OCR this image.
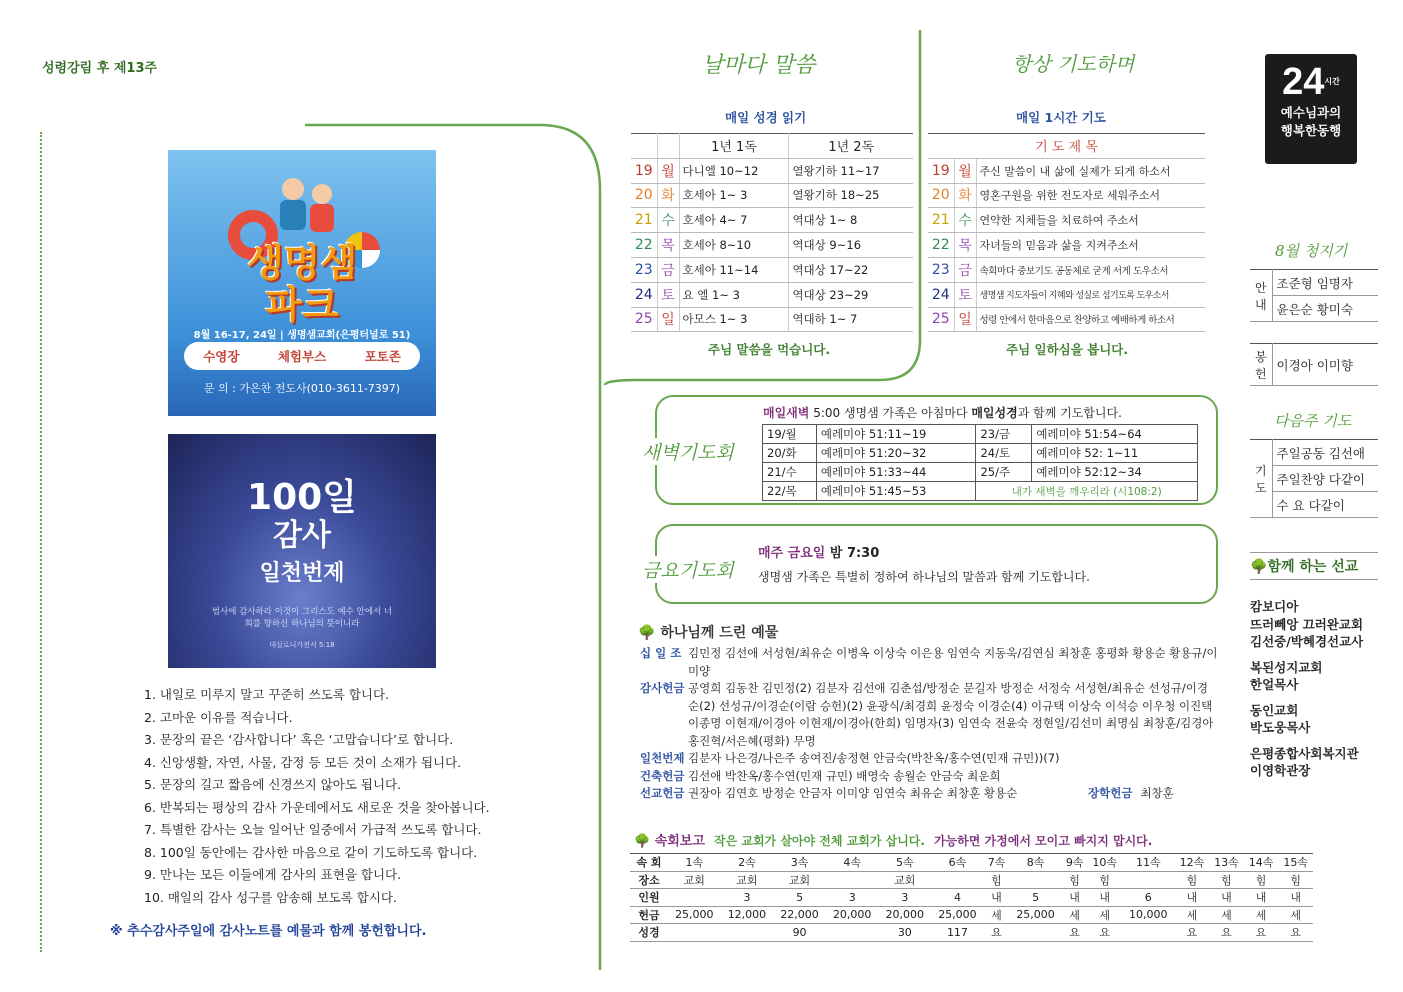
성령강림 후 제13주	$24^{시간}$
예수님과의
행복한동행
생명샘
파크
8월 16-17, 24일 | 생명샘교회(은평터널로 51)
수영장	체험부스	포토존
문 의 : 가은찬 전도사(010-3611-7397)
100일
감사
일천번제
범사에 감사하라 이것이 그리스도 예수 안에서 너희를 향하신 하나님의 뜻이니라
데살로니가전서 5:18
1. 내일로 미루지 말고 꾸준히 쓰도록 합니다.
2. 고마운 이유를 적습니다.
3. 문장의 끝은 ‘감사합니다’ 혹은 ‘고맙습니다’로 합니다.
4. 신앙생활, 자연, 사물, 감정 등 모든 것이 소재가 됩니다.
5. 문장의 길고 짧음에 신경쓰지 않아도 됩니다.
6. 반복되는 평상의 감사 가운데에서도 새로운 것을 찾아봅니다.
7. 특별한 감사는 오늘 일어난 일중에서 가급적 쓰도록 합니다.
8. 100일 동안에는 감사한 마음으로 같이 기도하도록 합니다.
9. 만나는 모든 이들에게 감사의 표현을 합니다.
10. 매일의 감사 성구를 암송해 보도록 합시다.
※ 추수감사주일에 감사노트를 예물과 함께 봉헌합니다.
날마다 말씀
매일 성경 읽기
		1년 1독	1년 2독
19	월	다니엘 10~12	열왕기하 11~17
20	화	호세아 1~ 3	열왕기하 18~25
21	수	호세아 4~ 7	역대상 1~ 8
22	목	호세아 8~10	역대상 9~16
23	금	호세아 11~14	역대상 17~22
24	토	요 엘 1~ 3	역대상 23~29
25	일	아모스 1~ 3	역대하 1~ 7
주님 말씀을 먹습니다.
항상 기도하며
매일 1시간 기도
기 도 제 목		
19	월	주신 말씀이 내 삶에 실제가 되게 하소서
20	화	영혼구원을 위한 전도자로 세워주소서
21	수	연약한 지체들을 치료하여 주소서
22	목	자녀들의 믿음과 삶을 지켜주소서
23	금	속회마다 중보기도 공동체로 굳게 서게 도우소서
24	토	생명샘 지도자들이 지혜와 성실로 섬기도록 도우소서
25	일	성령 안에서 한마음으로 찬양하고 예배하게 하소서
주님 일하심을 봅니다.
새벽기도회
매일새벽 5:00 생명샘 가족은 아침마다 매일성경과 함께 기도합니다.
19/월	예레미야 51:11~19	23/금	예레미야 51:54~64
20/화	예레미야 51:20~32	24/토	예레미야 52: 1~11
21/수	예레미야 51:33~44	25/주	예레미야 52:12~34
22/목	예레미야 51:45~53	내가 새벽을 깨우리라 (시108:2)	
금요기도회
매주 금요일 밤 7:30
생명샘 가족은 특별히 정하여 하나님의 말씀과 함께 기도합니다.
🌳 하나님께 드린 예물
십 일 조 김민정 김선애 서성현/최유순 이병옥 이상숙 이은용 임연숙 지동욱/김연심 최창훈 홍평화 황용순 황용규/이미양
감사헌금 공영희 김동찬 김민정(2) 김분자 김선애 김춘섭/방정순 문길자 방정순 서정숙 서성현/최유순 선성규/이경순(2) 선성규/이경순(이람 승헌)(2) 윤광식/최경희 윤정숙 이경순(4) 이규택 이상숙 이석승 이우청 이진택 이종명 이현재/이경아 이현재/이경아(한희) 임명자(3) 임연숙 전윤숙 정현일/김선미 최명심 최창훈/김경아 홍진혁/서은혜(평화) 무명
일천번제 김분자 나은경/나은주 송여진/송정현 안금숙(박찬옥/홍수연(민재 규민))(7)
건축헌금 김선애 박찬옥/홍수연(민재 규민) 배영숙 송월순 안금숙 최운희
선교헌금 권장아 김연호 방정순 안금자 이미양 임연숙 최유순 최창훈 황용순	장학헌금 최창훈
🌳 속회보고 작은 교회가 살아야 전체 교회가 삽니다. 가능하면 가정에서 모이고 빠지지 맙시다.
속 회	1속	2속	3속	4속	5속	6속	7속	8속	9속	10속	11속	12속	13속	14속	15속
장소	교회	교회	교회		교회		힘		힘	힘		힘	힘	힘	힘
인원		3	5	3	3	4	내	5	내	내	6	내	내	내	내
헌금	25,000	12,000	22,000	20,000	20,000	25,000	세	25,000	세	세	10,000	세	세	세	세
성경			90		30	117	요		요	요		요	요	요	요
8월 청지기
안내	조준형 임명자
윤은순 황미숙
봉헌	이경아 이미향
다음주 기도
기도	주일공동 김선애
주일찬양 다같이
수 요 다같이
🌳함께 하는 선교
캄보디아
뜨러뻬앙 끄러완교회
김선중/박혜경선교사
복된성지교회
한얼목사
동인교회
박도웅목사
은평종합사회복지관
이영학관장
